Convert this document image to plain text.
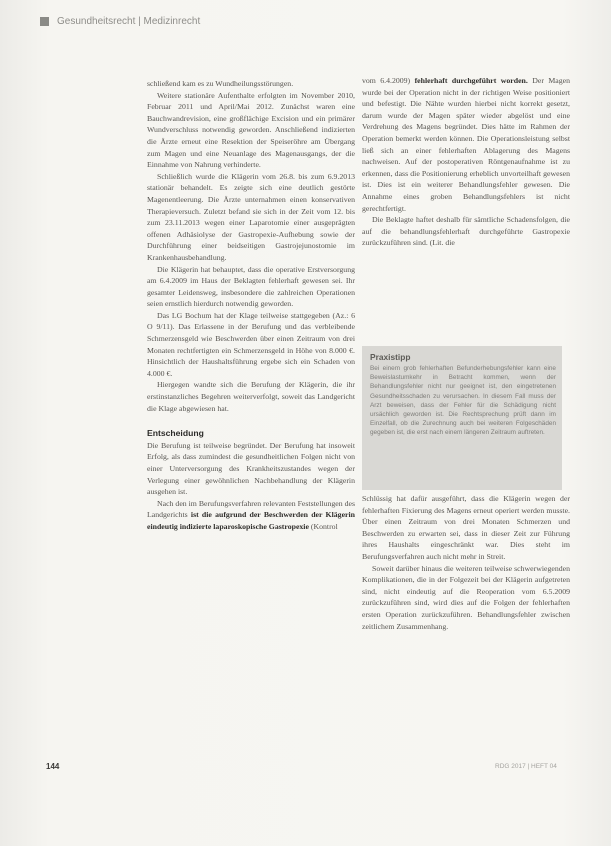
Gesundheitsrecht | Medizinrecht

schließend kam es zu Wundheilungsstörungen.

Weitere stationäre Aufenthalte erfolgten im November 2010, Februar 2011 und April/Mai 2012. Zunächst waren eine Bauchwandrevision, eine großflächige Excision und ein primärer Wundverschluss notwendig geworden. Anschließend indizierten die Ärzte erneut eine Resektion der Speiseröhre am Übergang zum Magen und eine Neuanlage des Magenausgangs, der die Einnahme von Nahrung verhinderte.

Schließlich wurde die Klägerin vom 26.8. bis zum 6.9.2013 stationär behandelt. Es zeigte sich eine deutlich gestörte Magenentleerung. Die Ärzte unternahmen einen konservativen Therapieversuch. Zuletzt befand sie sich in der Zeit vom 12. bis zum 23.11.2013 wegen einer Laparotomie einer ausgeprägten offenen Adhäsiolyse der Gastropexie-Aufhebung sowie der Durchführung einer beidseitigen Gastrojejunostomie im Krankenhausbehandlung.

Die Klägerin hat behauptet, dass die operative Erstversorgung am 6.4.2009 im Haus der Beklagten fehlerhaft gewesen sei. Ihr gesamter Leidensweg, insbesondere die zahlreichen Operationen seien ernstlich hierdurch notwendig geworden.

Das LG Bochum hat der Klage teilweise stattgegeben (Az.: 6 O 9/11). Das Erlassene in der Berufung und das verbleibende Schmerzensgeld wie Beschwerden über einen Zeitraum von drei Monaten rechtfertigten ein Schmerzensgeld in Höhe von 8.000 €. Hinsichtlich der Haushaltsführung ergebe sich ein Schaden von 4.000 €.

Hiergegen wandte sich die Berufung der Klägerin, die ihr erstinstanzliches Begehren weiterverfolgt, soweit das Landgericht die Klage abgewiesen hat.

Entscheidung

Die Berufung ist teilweise begründet. Der Berufung hat insoweit Erfolg, als dass zumindest die gesundheitlichen Folgen nicht von einer Unterversorgung des Krankheitszustandes wegen der Verlegung einer gewöhnlichen Nachbehandlung der Klägerin ausgehen ist.

Nach den im Berufungsverfahren relevanten Feststellungen des Landgerichts ist die aufgrund der Beschwerden der Klägerin eindeutig indizierte laparoskopische Gastropexie (Kontrol

vom 6.4.2009) fehlerhaft durchgeführt worden. Der Magen wurde bei der Operation nicht in der richtigen Weise positioniert und befestigt. Die Nähte wurden hierbei nicht korrekt gesetzt, darum wurde der Magen später wieder abgelöst und eine Verdrehung des Magens begründet. Dies hätte im Rahmen der Operation bemerkt werden können. Die Operationsleistung selbst ließ sich an einer fehlerhaften Ablagerung des Magens nachweisen. Auf der postoperativen Röntgenaufnahme ist zu erkennen, dass die Positionierung erheblich unvorteilhaft gewesen ist. Dies ist ein weiterer Behandlungsfehler gewesen. Die Annahme eines groben Behandlungsfehlers ist nicht gerechtfertigt.

Die Beklagte haftet deshalb für sämtliche Schadensfolgen, die auf die behandlungsfehlerhaft durchgeführte Gastropexie zurückzuführen sind. (Lit. die

Praxistipp
Bei einem grob fehlerhaften Befunderhebungsfehler kann eine Beweislastumkehr in Betracht kommen, wenn der Behandlungsfehler nicht nur geeignet ist, den eingetretenen Gesundheitsschaden zu verursachen. In diesem Fall muss der Arzt beweisen, dass der Fehler für die Schädigung nicht ursächlich geworden ist. Die Rechtsprechung prüft dann im Einzelfall, ob die Zurechnung auch bei weiteren Folgeschäden gegeben ist, die erst nach einem längeren Zeitraum auftreten.

Schlüssig hat dafür ausgeführt, dass die Klägerin wegen der fehlerhaften Fixierung des Magens erneut operiert werden musste. Über einen Zeitraum von drei Monaten Schmerzen und Beschwerden zu erwarten sei, dass in dieser Zeit zur Führung ihres Haushalts eingeschränkt war. Dies steht im Berufungsverfahren auch nicht mehr in Streit.

Soweit darüber hinaus die weiteren teilweise schwerwiegenden Komplikationen, die in der Folgezeit bei der Klägerin aufgetreten sind, nicht eindeutig auf die Reoperation vom 6.5.2009 zurückzuführen sind, wird dies auf die Folgen der fehlerhaften ersten Operation zurückzuführen. Behandlungsfehler zwischen zeitlichem Zusammenhang.

144	RDG 2017 | HEFT 04
